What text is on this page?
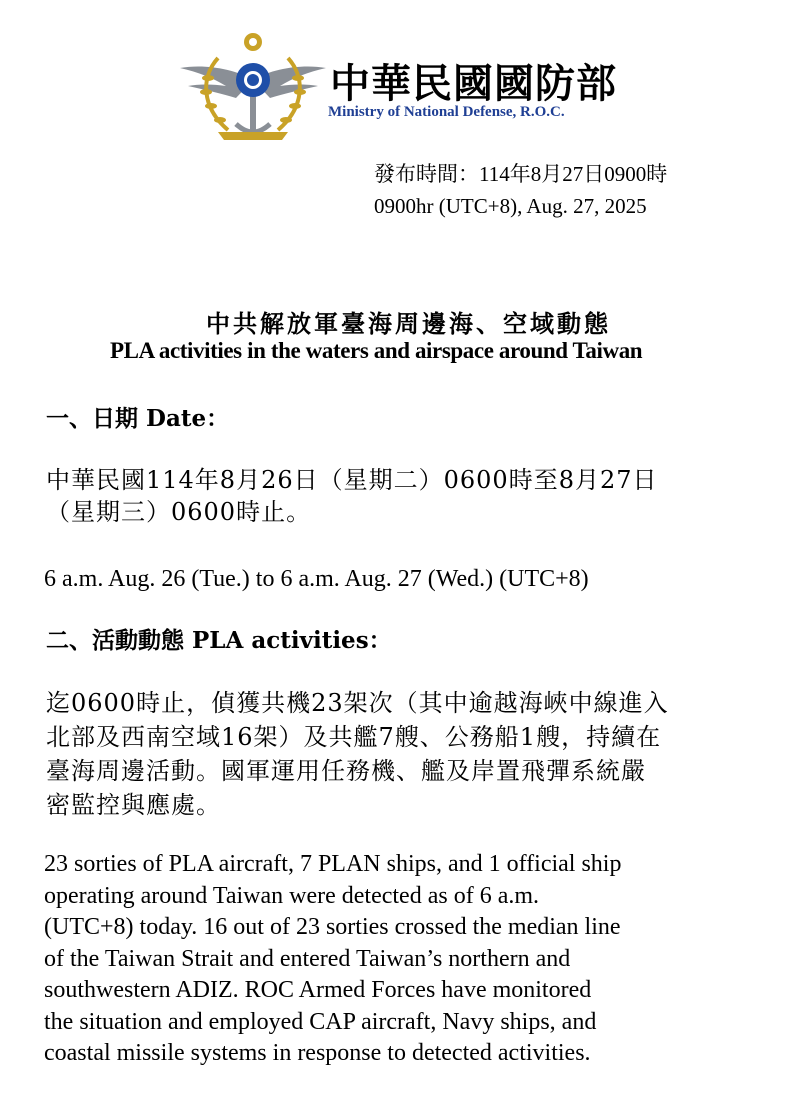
中華民國國防部
Ministry of National Defense, R.O.C.
發布時間：114年8月27日0900時
0900hr (UTC+8), Aug. 27, 2025
中共解放軍臺海周邊海、空域動態
PLA activities in the waters and airspace around Taiwan
一、日期 Date：
中華民國114年8月26日（星期二）0600時至8月27日
（星期三）0600時止。
6 a.m. Aug. 26 (Tue.) to 6 a.m. Aug. 27 (Wed.) (UTC+8)
二、活動動態 PLA activities：
迄0600時止，偵獲共機23架次（其中逾越海峽中線進入
北部及西南空域16架）及共艦7艘、公務船1艘，持續在
臺海周邊活動。國軍運用任務機、艦及岸置飛彈系統嚴
密監控與應處。
23 sorties of PLA aircraft, 7 PLAN ships, and 1 official ship
operating around Taiwan were detected as of 6 a.m.
(UTC+8) today. 16 out of 23 sorties crossed the median line
of the Taiwan Strait and entered Taiwan’s northern and
southwestern ADIZ. ROC Armed Forces have monitored
the situation and employed CAP aircraft, Navy ships, and
coastal missile systems in response to detected activities.
